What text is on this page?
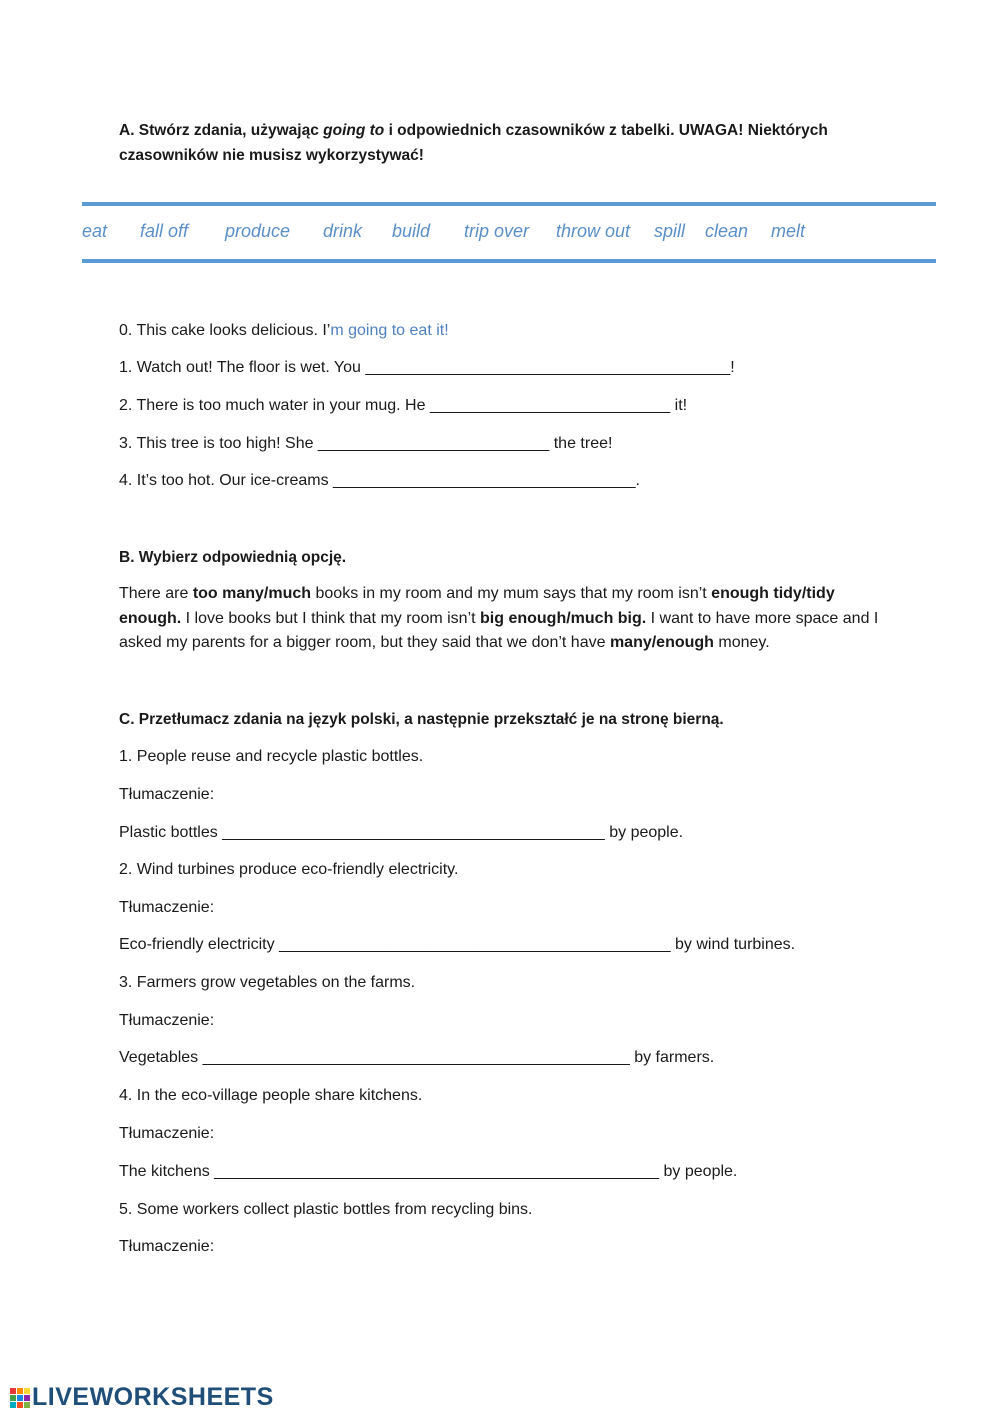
A. Stwórz zdania, używając going to i odpowiednich czasowników z tabelki. UWAGA! Niektórych
czasowników nie musisz wykorzystywać!
eat fall off produce drink build trip over throw out spill clean melt
0. This cake looks delicious. I’m going to eat it!
1. Watch out! The floor is wet. You _________________________________________!
2. There is too much water in your mug. He ___________________________ it!
3. This tree is too high! She __________________________ the tree!
4. It’s too hot. Our ice-creams __________________________________.
B. Wybierz odpowiednią opcję.
There are too many/much books in my room and my mum says that my room isn’t enough tidy/tidy enough. I love books but I think that my room isn’t big enough/much big. I want to have more space and I asked my parents for a bigger room, but they said that we don’t have many/enough money.
C. Przetłumacz zdania na język polski, a następnie przekształć je na stronę bierną.
1. People reuse and recycle plastic bottles.
Tłumaczenie:
Plastic bottles ___________________________________________ by people.
2. Wind turbines produce eco-friendly electricity.
Tłumaczenie:
Eco-friendly electricity ____________________________________________ by wind turbines.
3. Farmers grow vegetables on the farms.
Tłumaczenie:
Vegetables ________________________________________________ by farmers.
4. In the eco-village people share kitchens.
Tłumaczenie:
The kitchens __________________________________________________ by people.
5. Some workers collect plastic bottles from recycling bins.
Tłumaczenie:
LIVEWORKSHEETS
